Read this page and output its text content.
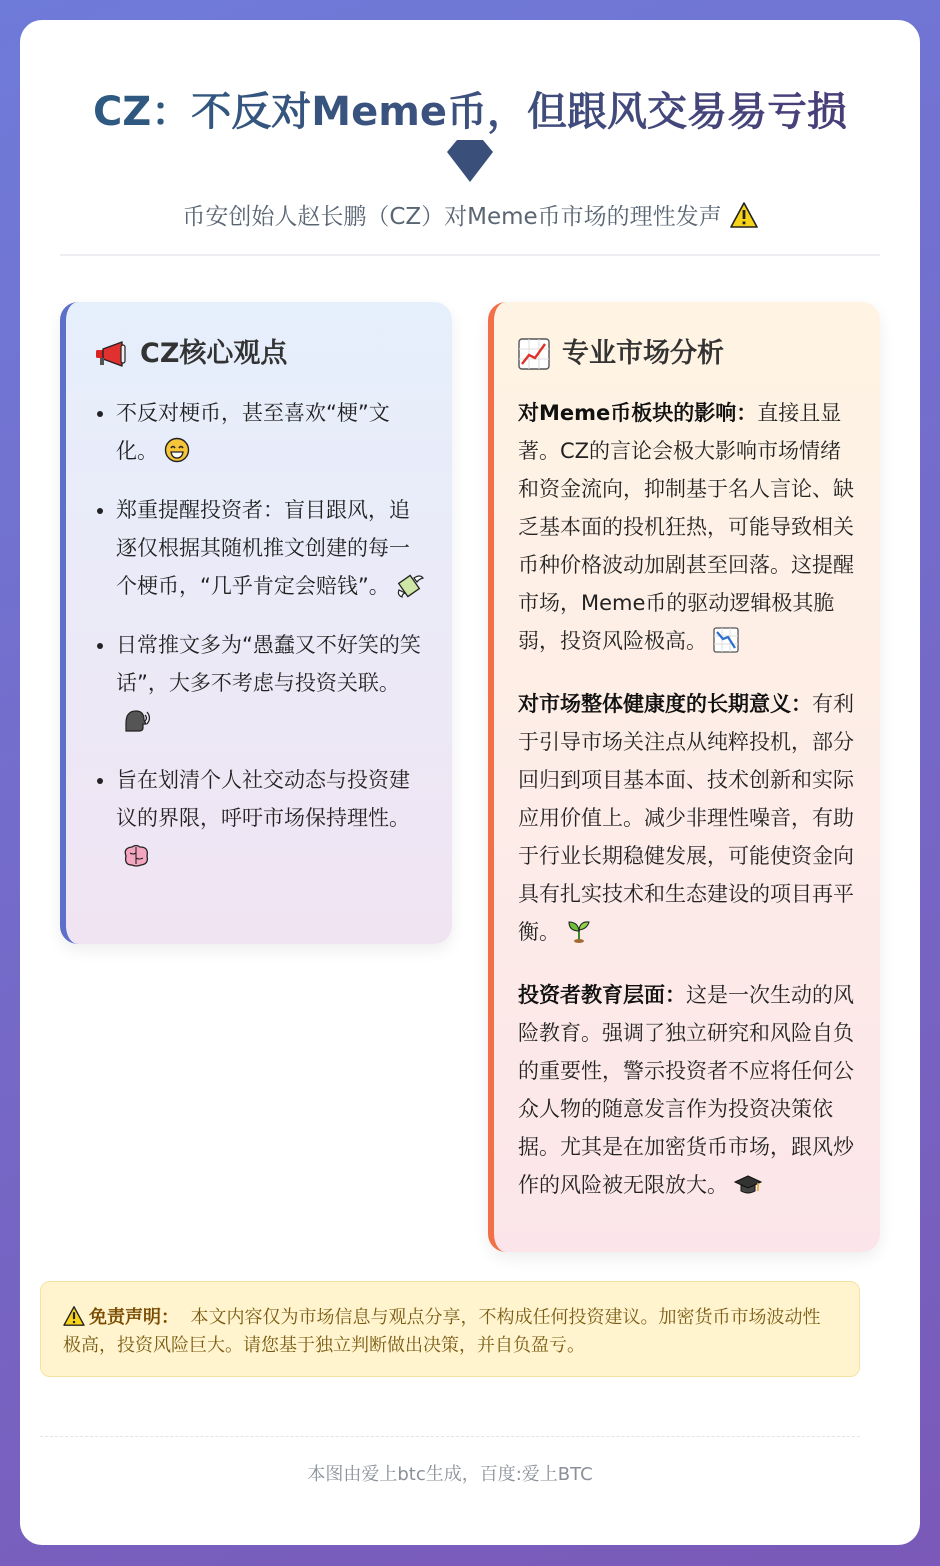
CZ：不反对Meme币，但跟风交易易亏损
币安创始人赵长鹏（CZ）对Meme币市场的理性发声
CZ核心观点
• 不反对梗币，甚至喜欢“梗”文化。
• 郑重提醒投资者：盲目跟风，追逐仅根据其随机推文创建的每一个梗币，“几乎肯定会赔钱”。
• 日常推文多为“愚蠢又不好笑的笑话”，大多不考虑与投资关联。
• 旨在划清个人社交动态与投资建议的界限，呼吁市场保持理性。
专业市场分析

对Meme币板块的影响：直接且显著。CZ的言论会极大影响市场情绪和资金流向，抑制基于名人言论、缺乏基本面的投机狂热，可能导致相关币种价格波动加剧甚至回落。这提醒市场，Meme币的驱动逻辑极其脆弱，投资风险极高。

对市场整体健康度的长期意义：有利于引导市场关注点从纯粹投机，部分回归到项目基本面、技术创新和实际应用价值上。减少非理性噪音，有助于行业长期稳健发展，可能使资金向具有扎实技术和生态建设的项目再平衡。

投资者教育层面：这是一次生动的风险教育。强调了独立研究和风险自负的重要性，警示投资者不应将任何公众人物的随意发言作为投资决策依据。尤其是在加密货币市场，跟风炒作的风险被无限放大。

免责声明： 本文内容仅为市场信息与观点分享，不构成任何投资建议。加密货币市场波动性极高，投资风险巨大。请您基于独立判断做出决策，并自负盈亏。
本图由爱上btc生成，百度:爱上BTC
